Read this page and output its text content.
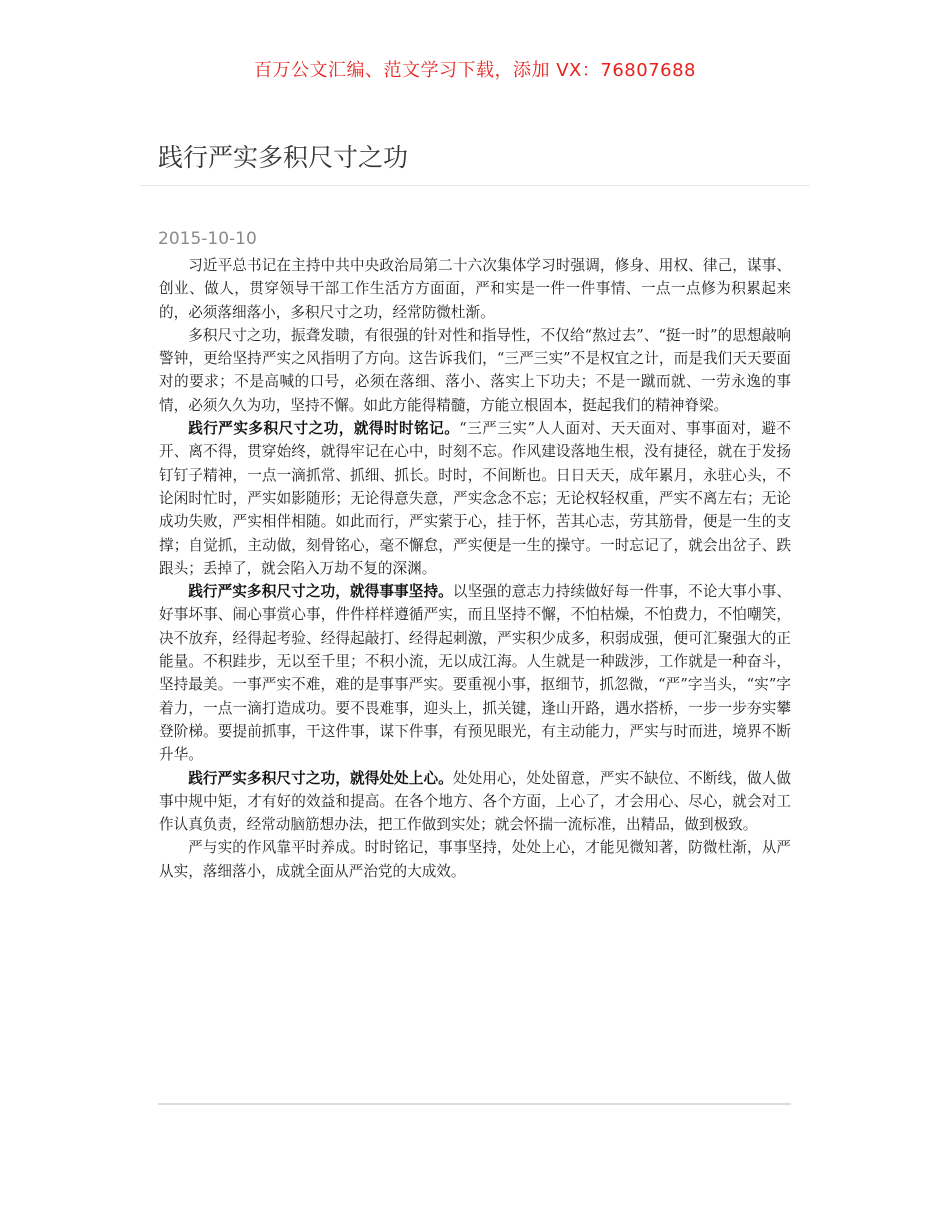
百万公文汇编、范文学习下载，添加 VX：76807688
践行严实多积尺寸之功
2015-10-10

习近平总书记在主持中共中央政治局第二十六次集体学习时强调，修身、用权、律己，谋事、创业、做人，贯穿领导干部工作生活方方面面，严和实是一件一件事情、一点一点修为积累起来的，必须落细落小，多积尺寸之功，经常防微杜渐。

多积尺寸之功，振聋发聩，有很强的针对性和指导性，不仅给“熬过去”、“挺一时”的思想敲响警钟，更给坚持严实之风指明了方向。这告诉我们，“三严三实”不是权宜之计，而是我们天天要面对的要求；不是高喊的口号，必须在落细、落小、落实上下功夫；不是一蹴而就、一劳永逸的事情，必须久久为功，坚持不懈。如此方能得精髓，方能立根固本，挺起我们的精神脊梁。

践行严实多积尺寸之功，就得时时铭记。“三严三实”人人面对、天天面对、事事面对，避不开、离不得，贯穿始终，就得牢记在心中，时刻不忘。作风建设落地生根，没有捷径，就在于发扬钉钉子精神，一点一滴抓常、抓细、抓长。时时，不间断也。日日天天，成年累月，永驻心头，不论闲时忙时，严实如影随形；无论得意失意，严实念念不忘；无论权轻权重，严实不离左右；无论成功失败，严实相伴相随。如此而行，严实萦于心，挂于怀，苦其心志，劳其筋骨，便是一生的支撑；自觉抓，主动做，刻骨铭心，毫不懈怠，严实便是一生的操守。一时忘记了，就会出岔子、跌跟头；丢掉了，就会陷入万劫不复的深渊。

践行严实多积尺寸之功，就得事事坚持。以坚强的意志力持续做好每一件事，不论大事小事、好事坏事、闹心事赏心事，件件样样遵循严实，而且坚持不懈，不怕枯燥，不怕费力，不怕嘲笑，决不放弃，经得起考验、经得起敲打、经得起刺激，严实积少成多，积弱成强，便可汇聚强大的正能量。不积跬步，无以至千里；不积小流，无以成江海。人生就是一种跋涉，工作就是一种奋斗，坚持最美。一事严实不难，难的是事事严实。要重视小事，抠细节，抓忽微，“严”字当头，“实”字着力，一点一滴打造成功。要不畏难事，迎头上，抓关键，逢山开路，遇水搭桥，一步一步夯实攀登阶梯。要提前抓事，干这件事，谋下件事，有预见眼光，有主动能力，严实与时而进，境界不断升华。

践行严实多积尺寸之功，就得处处上心。处处用心，处处留意，严实不缺位、不断线，做人做事中规中矩，才有好的效益和提高。在各个地方、各个方面，上心了，才会用心、尽心，就会对工作认真负责，经常动脑筋想办法，把工作做到实处；就会怀揣一流标准，出精品，做到极致。

严与实的作风靠平时养成。时时铭记，事事坚持，处处上心，才能见微知著，防微杜渐，从严从实，落细落小，成就全面从严治党的大成效。
